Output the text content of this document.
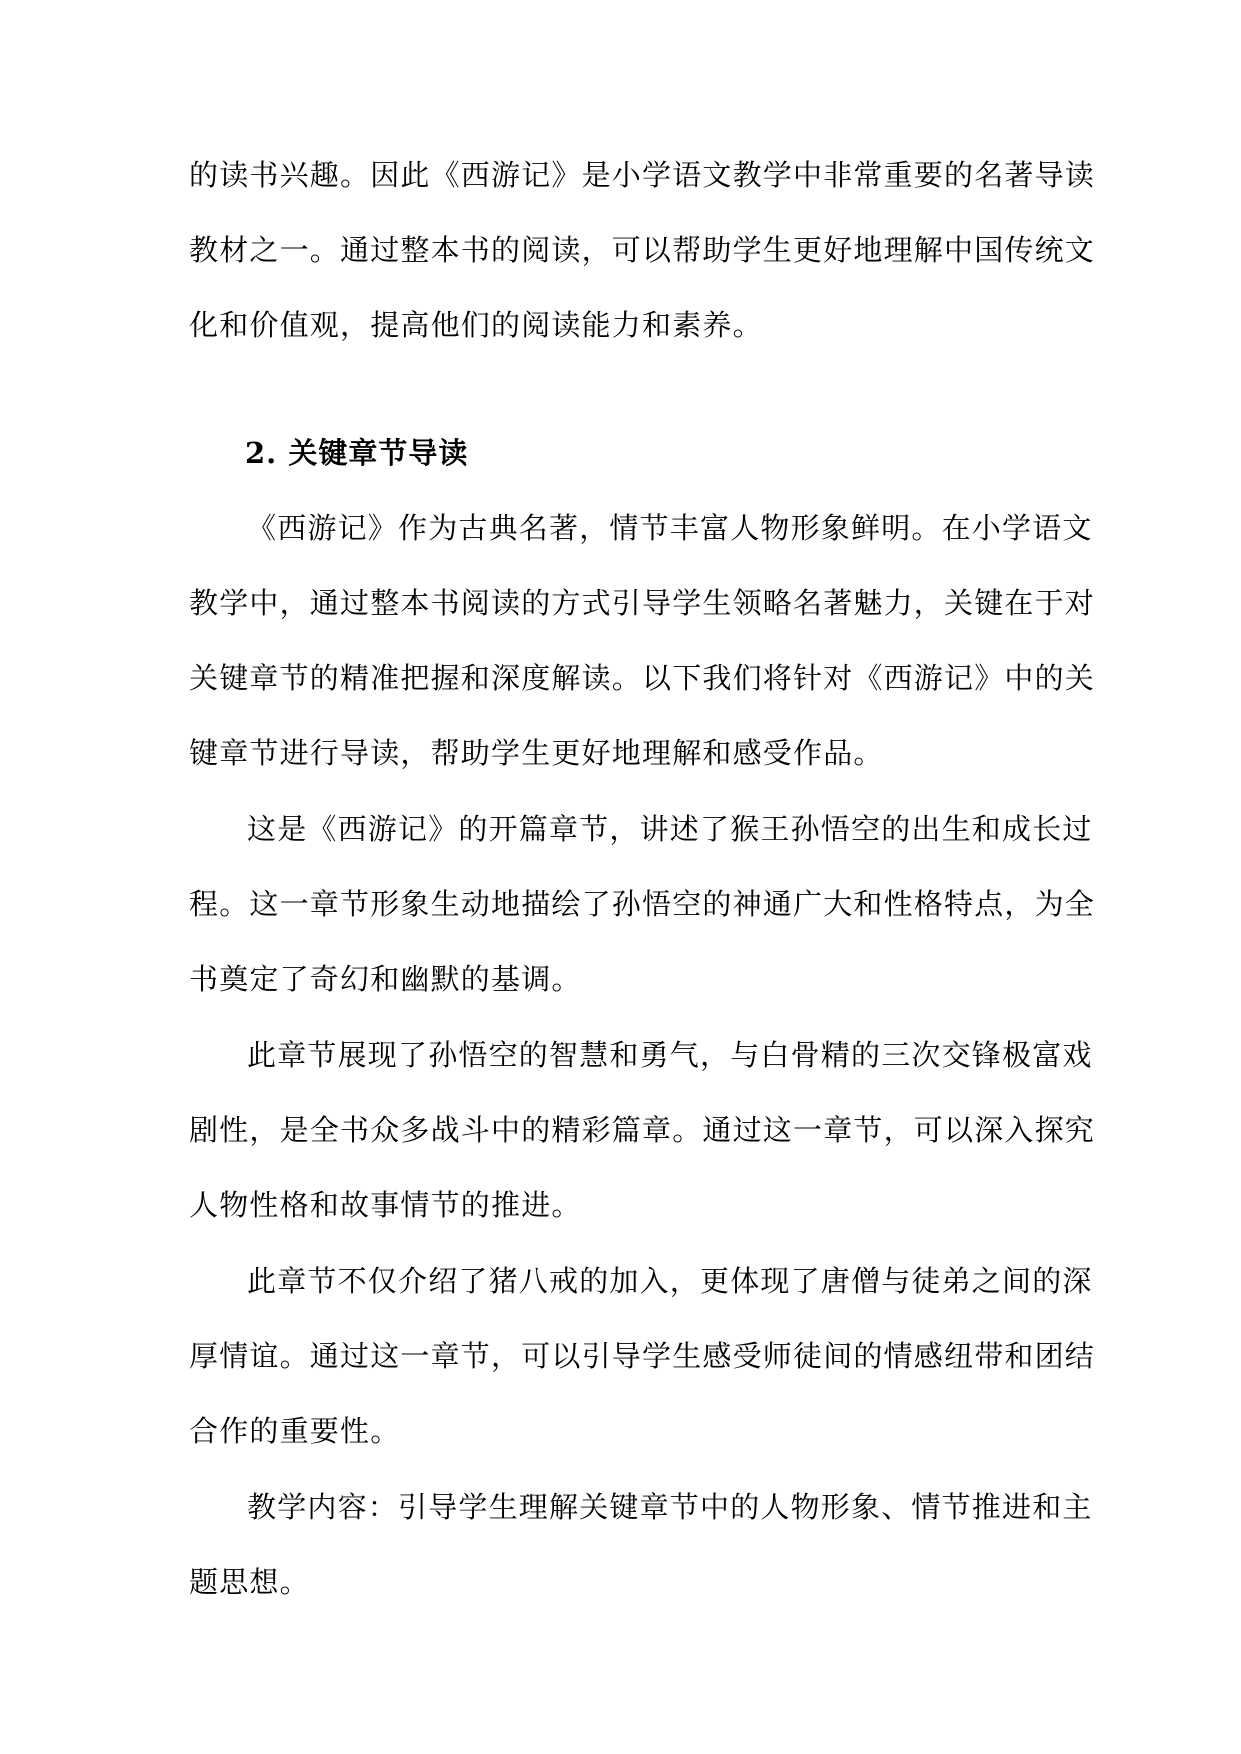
的读书兴趣。因此《西游记》是小学语文教学中非常重要的名著导读
教材之一。通过整本书的阅读，可以帮助学生更好地理解中国传统文
化和价值观，提高他们的阅读能力和素养。
2. 关键章节导读
《西游记》作为古典名著，情节丰富人物形象鲜明。在小学语文
教学中，通过整本书阅读的方式引导学生领略名著魅力，关键在于对
关键章节的精准把握和深度解读。以下我们将针对《西游记》中的关
键章节进行导读，帮助学生更好地理解和感受作品。
这是《西游记》的开篇章节，讲述了猴王孙悟空的出生和成长过
程。这一章节形象生动地描绘了孙悟空的神通广大和性格特点，为全
书奠定了奇幻和幽默的基调。
此章节展现了孙悟空的智慧和勇气，与白骨精的三次交锋极富戏
剧性，是全书众多战斗中的精彩篇章。通过这一章节，可以深入探究
人物性格和故事情节的推进。
此章节不仅介绍了猪八戒的加入，更体现了唐僧与徒弟之间的深
厚情谊。通过这一章节，可以引导学生感受师徒间的情感纽带和团结
合作的重要性。
教学内容：引导学生理解关键章节中的人物形象、情节推进和主
题思想。
